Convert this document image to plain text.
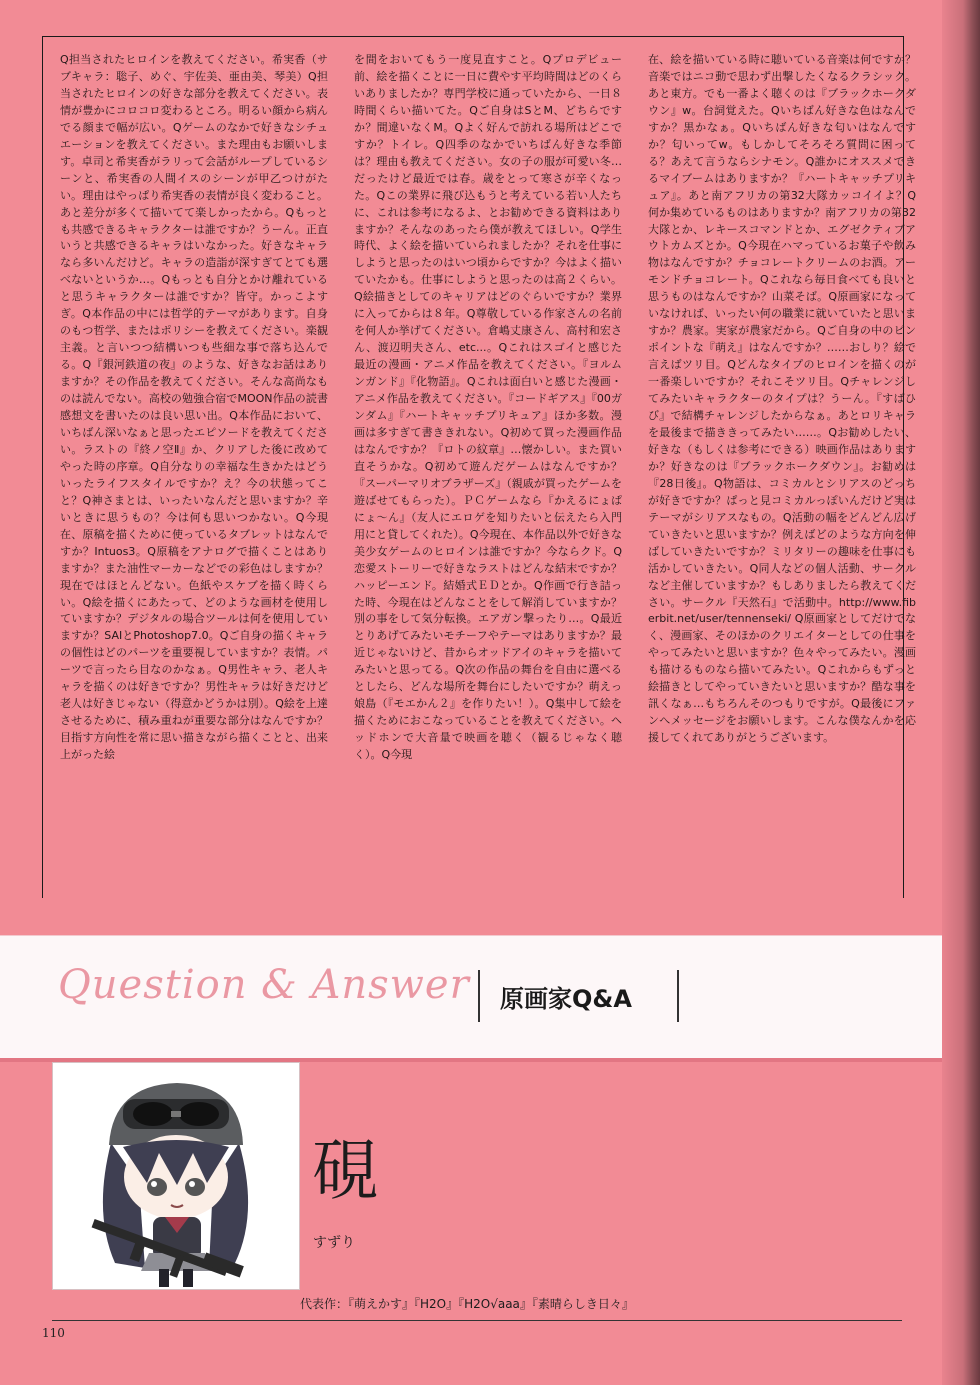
Q担当されたヒロインを教えてください。希実香（サブキャラ：聡子、めぐ、宇佐美、亜由美、琴美）Q担当されたヒロインの好きな部分を教えてください。表情が豊かにコロコロ変わるところ。明るい顔から病んでる顔まで幅が広い。Qゲームのなかで好きなシチュエーションを教えてください。また理由もお願いします。卓司と希実香がラリって会話がループしているシーンと、希実香の人間イスのシーンが甲乙つけがたい。理由はやっぱり希実香の表情が良く変わること。あと差分が多くて描いてて楽しかったから。Qもっとも共感できるキャラクターは誰ですか？うーん。正直いうと共感できるキャラはいなかった。好きなキャラなら多いんだけど。キャラの造詣が深すぎてとても選べないというか…。Qもっとも自分とかけ離れていると思うキャラクターは誰ですか？皆守。かっこよすぎ。Q本作品の中には哲学的テーマがあります。自身のもつ哲学、またはポリシーを教えてください。楽観主義。と言いつつ結構いつも些細な事で落ち込んでる。Q『銀河鉄道の夜』のような、好きなお話はありますか？その作品を教えてください。そんな高尚なものは読んでない。高校の勉強合宿でMOON作品の読書感想文を書いたのは良い思い出。Q本作品において、いちばん深いなぁと思ったエピソードを教えてください。ラストの『終ノ空Ⅱ』か、クリアした後に改めてやった時の序章。Q自分なりの幸福な生きかたはどういったライフスタイルですか？え？今の状態ってこと？Q神さまとは、いったいなんだと思いますか？辛いときに思うもの？今は何も思いつかない。Q今現在、原稿を描くために使っているタブレットはなんですか？Intuos3。Q原稿をアナログで描くことはありますか？また油性マーカーなどでの彩色はしますか？現在ではほとんどない。色紙やスケブを描く時くらい。Q絵を描くにあたって、どのような画材を使用していますか？デジタルの場合ツールは何を使用していますか？SAIとPhotoshop7.0。Qご自身の描くキャラの個性はどのパーツを重要視していますか？表情。パーツで言ったら目なのかなぁ。Q男性キャラ、老人キャラを描くのは好きですか？男性キャラは好きだけど老人は好きじゃない（得意かどうかは別）。Q絵を上達させるために、積み重ねが重要な部分はなんですか？目指す方向性を常に思い描きながら描くことと、出来上がった絵
を間をおいてもう一度見直すこと。Qプロデビュー前、絵を描くことに一日に費やす平均時間はどのくらいありましたか？専門学校に通っていたから、一日８時間くらい描いてた。Qご自身はSとM、どちらですか？間違いなくM。Qよく好んで訪れる場所はどこですか？トイレ。Q四季のなかでいちばん好きな季節は？理由も教えてください。女の子の服が可愛い冬…だったけど最近では春。歳をとって寒さが辛くなった。Qこの業界に飛び込もうと考えている若い人たちに、これは参考になるよ、とお勧めできる資料はありますか？そんなのあったら僕が教えてほしい。Q学生時代、よく絵を描いていられましたか？それを仕事にしようと思ったのはいつ頃からですか？今はよく描いていたかも。仕事にしようと思ったのは高２くらい。Q絵描きとしてのキャリアはどのぐらいですか？業界に入ってからは８年。Q尊敬している作家さんの名前を何人か挙げてください。倉嶋丈康さん、高村和宏さん、渡辺明夫さん、etc...。Qこれはスゴイと感じた最近の漫画・アニメ作品を教えてください。『ヨルムンガンド』『化物語』。Qこれは面白いと感じた漫画・アニメ作品を教えてください。『コードギアス』『00ガンダム』『ハートキャッチプリキュア』ほか多数。漫画は多すぎて書ききれない。Q初めて買った漫画作品はなんですか？『ロトの紋章』…懐かしい。また買い直そうかな。Q初めて遊んだゲームはなんですか？『スーパーマリオブラザーズ』（親戚が買ったゲームを遊ばせてもらった）。ＰＣゲームなら『かえるにょぱにょ～ん』（友人にエロゲを知りたいと伝えたら入門用にと貸してくれた）。Q今現在、本作品以外で好きな美少女ゲームのヒロインは誰ですか？今ならクド。Q恋愛ストーリーで好きなラストはどんな結末ですか？ハッピーエンド。結婚式ＥＤとか。Q作画で行き詰った時、今現在はどんなことをして解消していますか？別の事をして気分転換。エアガン撃ったり…。Q最近とりあげてみたいモチーフやテーマはありますか？最近じゃないけど、昔からオッドアイのキャラを描いてみたいと思ってる。Q次の作品の舞台を自由に選べるとしたら、どんな場所を舞台にしたいですか？萌えっ娘島（『モエかん２』を作りたい！）。Q集中して絵を描くためにおこなっていることを教えてください。ヘッドホンで大音量で映画を聴く（観るじゃなく聴く）。Q今現
在、絵を描いている時に聴いている音楽は何ですか？音楽ではニコ動で思わず出撃したくなるクラシック。あと東方。でも一番よく聴くのは『ブラックホークダウン』w。台詞覚えた。Qいちばん好きな色はなんですか？黒かなぁ。Qいちばん好きな匂いはなんですか？匂いってw。もしかしてそろそろ質問に困ってる？あえて言うならシナモン。Q誰かにオススメできるマイブームはありますか？『ハートキャッチプリキュア』。あと南アフリカの第32大隊カッコイイよ？Q何か集めているものはありますか？南アフリカの第32大隊とか、レキースコマンドとか、エグゼクティブアウトカムズとか。Q今現在ハマっているお菓子や飲み物はなんですか？チョコレートクリームのお酒。アーモンドチョコレート。Qこれなら毎日食べても良いと思うものはなんですか？山菜そば。Q原画家になっていなければ、いったい何の職業に就いていたと思いますか？農家。実家が農家だから。Qご自身の中のピンポイントな『萌え』はなんですか？……おしり？絵で言えばツリ目。Qどんなタイプのヒロインを描くのが一番楽しいですか？それこそツリ目。Qチャレンジしてみたいキャラクターのタイプは？うーん。『すばひび』で結構チャレンジしたからなぁ。あとロリキャラを最後まで描ききってみたい……。Qお勧めしたい、好きな（もしくは参考にできる）映画作品はありますか？好きなのは『ブラックホークダウン』。お勧めは『28日後』。Q物語は、コミカルとシリアスのどっちが好きですか？ぱっと見コミカルっぽいんだけど実はテーマがシリアスなもの。Q活動の幅をどんどん広げていきたいと思いますか？例えばどのような方向を伸ばしていきたいですか？ミリタリーの趣味を仕事にも活かしていきたい。Q同人などの個人活動、サークルなど主催していますか？もしありましたら教えてください。サークル『天然石』で活動中。http://www.fiberbit.net/user/tennenseki/ Q原画家としてだけでなく、漫画家、そのほかのクリエイターとしての仕事をやってみたいと思いますか？色々やってみたい。漫画も描けるものなら描いてみたい。Qこれからもずっと絵描きとしてやっていきたいと思いますか？酷な事を訊くなぁ…もちろんそのつもりですが。Q最後にファンへメッセージをお願いします。こんな僕なんかを応援してくれてありがとうございます。
Question & Answer 原画家Q&A
硯
すずり
代表作：『萌えかす』『H2O』『H2O√aaa』『素晴らしき日々』
110
